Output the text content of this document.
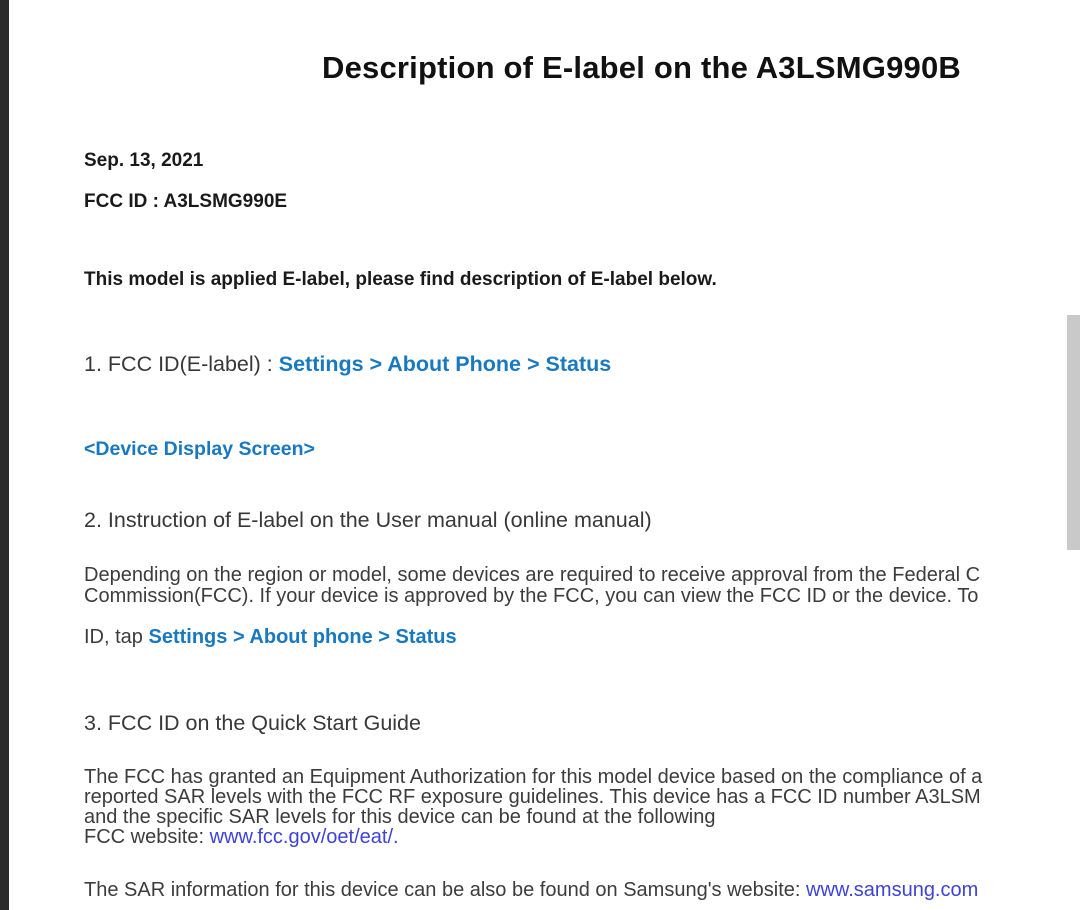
Description of E-label on the A3LSMG990B
Sep. 13, 2021
FCC ID : A3LSMG990E
This model is applied E-label, please find description of E-label below.
1. FCC ID(E-label) : Settings > About Phone > Status
<Device Display Screen>
2. Instruction of E-label on the User manual (online manual)
Depending on the region or model, some devices are required to receive approval from the Federal C
Commission(FCC). If your device is approved by the FCC, you can view the FCC ID or the device. To
ID, tap Settings > About phone > Status
3. FCC ID on the Quick Start Guide
The FCC has granted an Equipment Authorization for this model device based on the compliance of a
reported SAR levels with the FCC RF exposure guidelines. This device has a FCC ID number A3LSM
and the specific SAR levels for this device can be found at the following
FCC website: www.fcc.gov/oet/eat/.
The SAR information for this device can be also be found on Samsung's website: www.samsung.com
